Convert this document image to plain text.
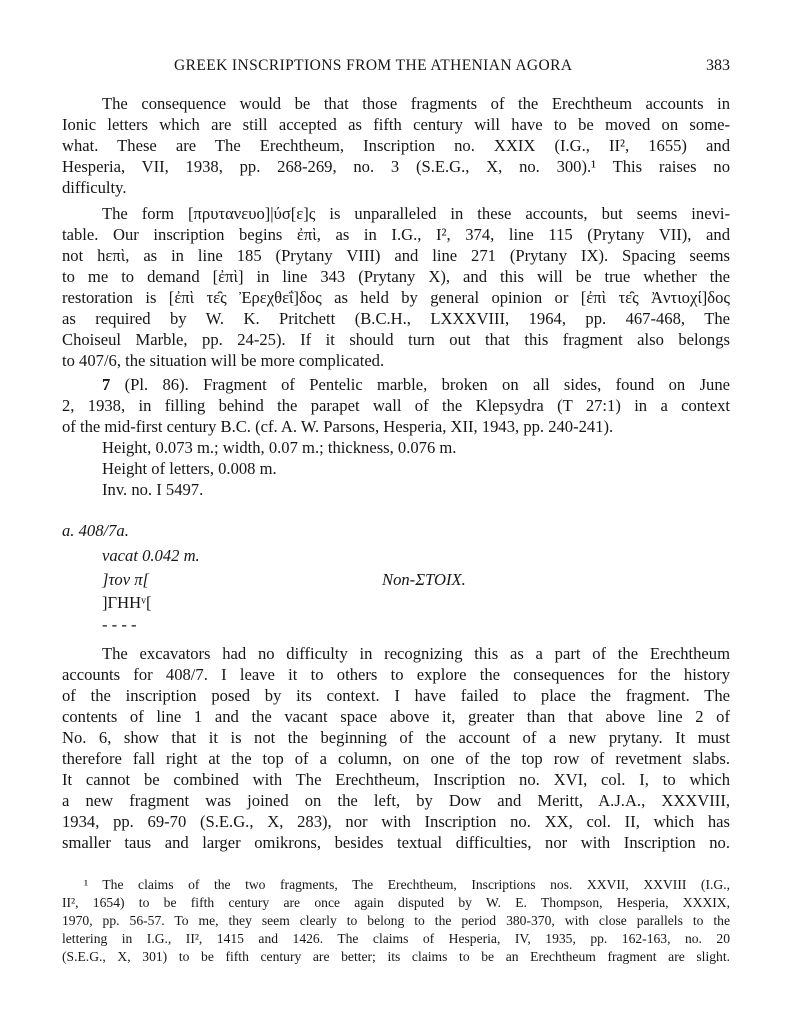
GREEK INSCRIPTIONS FROM THE ATHENIAN AGORA	383
The consequence would be that those fragments of the Erechtheum accounts in
Ionic letters which are still accepted as fifth century will have to be moved on some-
what. These are The Erechtheum, Inscription no. XXIX (I.G., II², 1655) and
Hesperia, VII, 1938, pp. 268-269, no. 3 (S.E.G., X, no. 300).¹ This raises no
difficulty.
The form [πρυτανευο]|ύσ[ε]ς is unparalleled in these accounts, but seems inevi-
table. Our inscription begins ἐπὶ, as in I.G., I², 374, line 115 (Prytany VII), and
not hεπὶ, as in line 185 (Prytany VIII) and line 271 (Prytany IX). Spacing seems
to me to demand [ἐπὶ] in line 343 (Prytany X), and this will be true whether the
restoration is [ἐπὶ τε̑ς Ἐρεχθεΐ]δος as held by general opinion or [ἐπὶ τε̑ς Ἀντιοχί]δος
as required by W. K. Pritchett (B.C.H., LXXXVIII, 1964, pp. 467-468, The
Choiseul Marble, pp. 24-25). If it should turn out that this fragment also belongs
to 407/6, the situation will be more complicated.
7 (Pl. 86). Fragment of Pentelic marble, broken on all sides, found on June
2, 1938, in filling behind the parapet wall of the Klepsydra (T 27:1) in a context
of the mid-first century B.C. (cf. A. W. Parsons, Hesperia, XII, 1943, pp. 240-241).
Height, 0.073 m.; width, 0.07 m.; thickness, 0.076 m.
Height of letters, 0.008 m.
Inv. no. I 5497.
a. 408/7a.
vacat 0.042 m.
]τον π[
]ΓΗΗᵛ[
- - - -
Non-ΣΤΟΙΧ.
The excavators had no difficulty in recognizing this as a part of the Erechtheum
accounts for 408/7. I leave it to others to explore the consequences for the history
of the inscription posed by its context. I have failed to place the fragment. The
contents of line 1 and the vacant space above it, greater than that above line 2 of
No. 6, show that it is not the beginning of the account of a new prytany. It must
therefore fall right at the top of a column, on one of the top row of revetment slabs.
It cannot be combined with The Erechtheum, Inscription no. XVI, col. I, to which
a new fragment was joined on the left, by Dow and Meritt, A.J.A., XXXVIII,
1934, pp. 69-70 (S.E.G., X, 283), nor with Inscription no. XX, col. II, which has
smaller taus and larger omikrons, besides textual difficulties, nor with Inscription no.
¹ The claims of the two fragments, The Erechtheum, Inscriptions nos. XXVII, XXVIII (I.G.,
II², 1654) to be fifth century are once again disputed by W. E. Thompson, Hesperia, XXXIX,
1970, pp. 56-57. To me, they seem clearly to belong to the period 380-370, with close parallels to the
lettering in I.G., II², 1415 and 1426. The claims of Hesperia, IV, 1935, pp. 162-163, no. 20
(S.E.G., X, 301) to be fifth century are better; its claims to be an Erechtheum fragment are slight.
